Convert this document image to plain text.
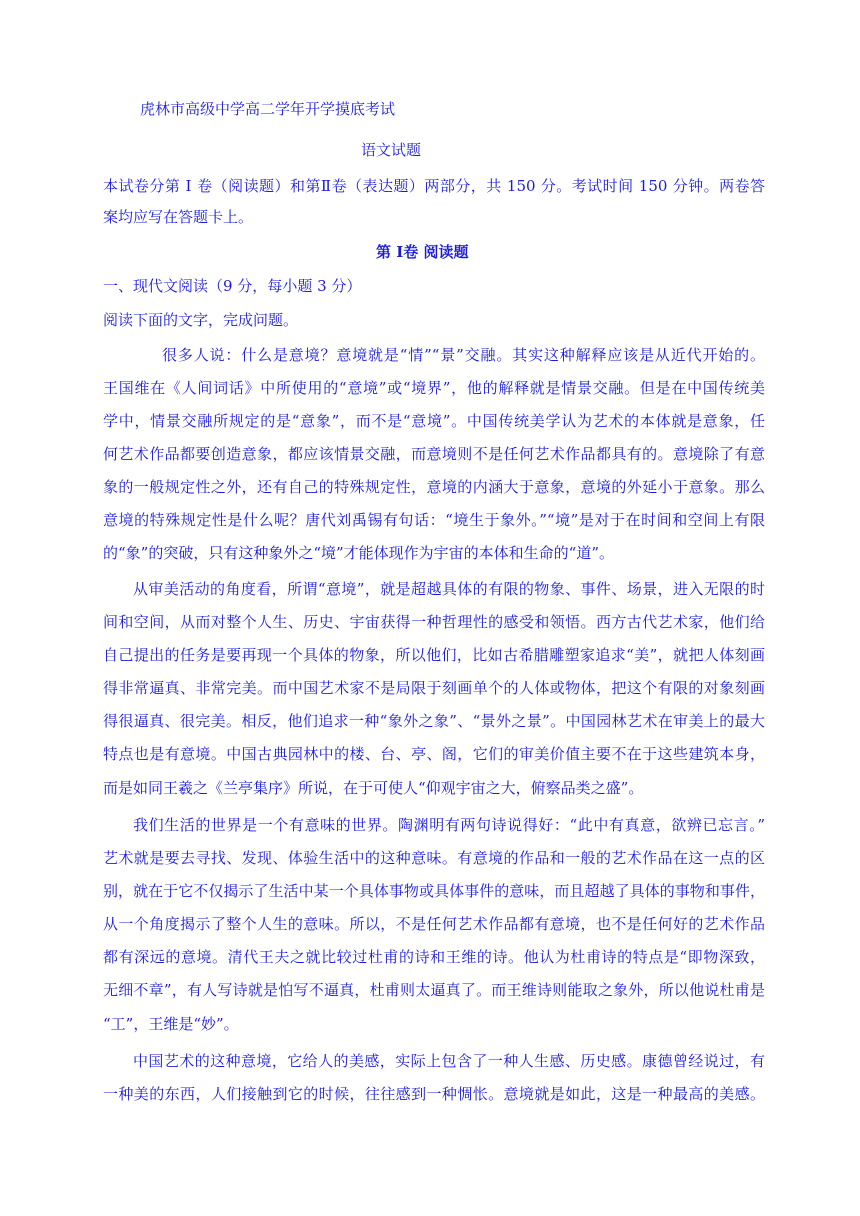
虎林市高级中学高二学年开学摸底考试
语文试题
本试卷分第 Ⅰ 卷（阅读题）和第Ⅱ卷（表达题）两部分，共 150 分。考试时间 150 分钟。两卷答
案均应写在答题卡上。
第 Ⅰ卷 阅读题
一、现代文阅读（9 分，每小题 3 分）
阅读下面的文字，完成问题。
很多人说：什么是意境？意境就是“情”“景”交融。其实这种解释应该是从近代开始的。
王国维在《人间词话》中所使用的“意境”或“境界”，他的解释就是情景交融。但是在中国传统美
学中，情景交融所规定的是“意象”，而不是“意境”。中国传统美学认为艺术的本体就是意象，任
何艺术作品都要创造意象，都应该情景交融，而意境则不是任何艺术作品都具有的。意境除了有意
象的一般规定性之外，还有自己的特殊规定性，意境的内涵大于意象，意境的外延小于意象。那么
意境的特殊规定性是什么呢？唐代刘禹锡有句话：“境生于象外。”“境”是对于在时间和空间上有限
的“象”的突破，只有这种象外之“境”才能体现作为宇宙的本体和生命的“道”。
从审美活动的角度看，所谓“意境”，就是超越具体的有限的物象、事件、场景，进入无限的时
间和空间，从而对整个人生、历史、宇宙获得一种哲理性的感受和领悟。西方古代艺术家，他们给
自己提出的任务是要再现一个具体的物象，所以他们，比如古希腊雕塑家追求“美”，就把人体刻画
得非常逼真、非常完美。而中国艺术家不是局限于刻画单个的人体或物体，把这个有限的对象刻画
得很逼真、很完美。相反，他们追求一种“象外之象”、“景外之景”。中国园林艺术在审美上的最大
特点也是有意境。中国古典园林中的楼、台、亭、阁，它们的审美价值主要不在于这些建筑本身，
而是如同王羲之《兰亭集序》所说，在于可使人“仰观宇宙之大，俯察品类之盛”。
我们生活的世界是一个有意味的世界。陶渊明有两句诗说得好：“此中有真意，欲辨已忘言。”
艺术就是要去寻找、发现、体验生活中的这种意味。有意境的作品和一般的艺术作品在这一点的区
别，就在于它不仅揭示了生活中某一个具体事物或具体事件的意味，而且超越了具体的事物和事件，
从一个角度揭示了整个人生的意味。所以，不是任何艺术作品都有意境，也不是任何好的艺术作品
都有深远的意境。清代王夫之就比较过杜甫的诗和王维的诗。他认为杜甫诗的特点是“即物深致，
无细不章”，有人写诗就是怕写不逼真，杜甫则太逼真了。而王维诗则能取之象外，所以他说杜甫是
“工”，王维是“妙”。
中国艺术的这种意境，它给人的美感，实际上包含了一种人生感、历史感。康德曾经说过，有
一种美的东西，人们接触到它的时候，往往感到一种惆怅。意境就是如此，这是一种最高的美感。
